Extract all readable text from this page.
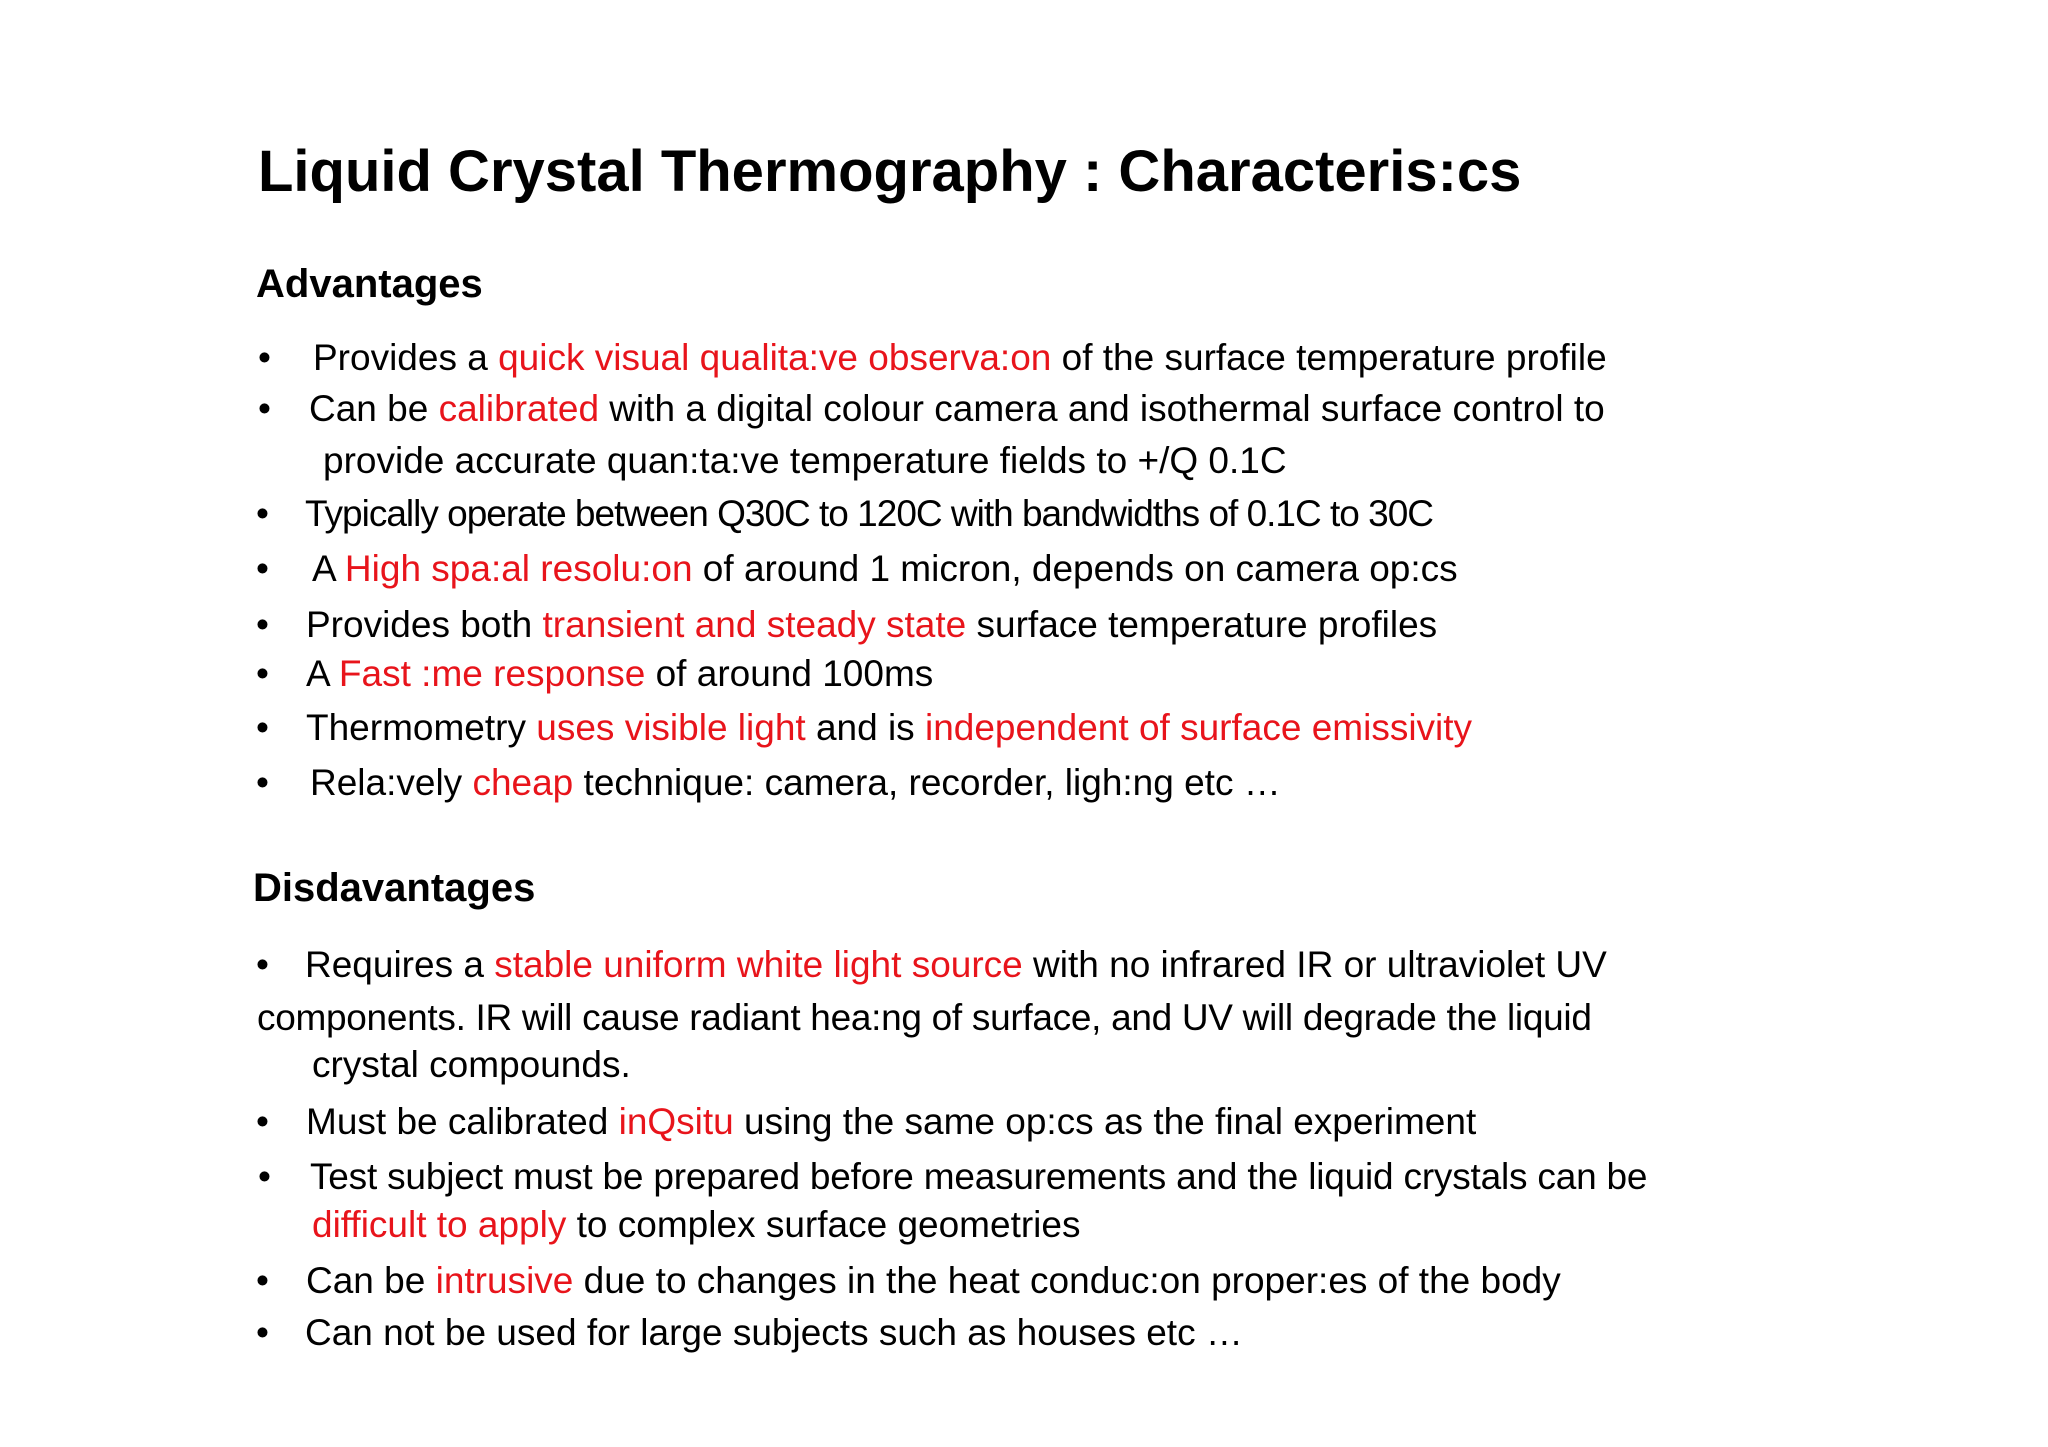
Liquid Crystal Thermography : Characteris:cs
Advantages
• Provides a quick visual qualita:ve observa:on of the surface temperature profile
• Can be calibrated with a digital colour camera and isothermal surface control to
provide accurate quan:ta:ve temperature fields to +/Q 0.1C
• Typically operate between Q30C to 120C with bandwidths of 0.1C to 30C
• A High spa:al resolu:on of around 1 micron, depends on camera op:cs
• Provides both transient and steady state surface temperature profiles
• A Fast :me response of around 100ms
• Thermometry uses visible light and is independent of surface emissivity
• Rela:vely cheap technique: camera, recorder, ligh:ng etc …
Disdavantages
• Requires a stable uniform white light source with no infrared IR or ultraviolet UV
components. IR will cause radiant hea:ng of surface, and UV will degrade the liquid
crystal compounds.
• Must be calibrated inQsitu using the same op:cs as the final experiment
• Test subject must be prepared before measurements and the liquid crystals can be
difficult to apply to complex surface geometries
• Can be intrusive due to changes in the heat conduc:on proper:es of the body
• Can not be used for large subjects such as houses etc …
